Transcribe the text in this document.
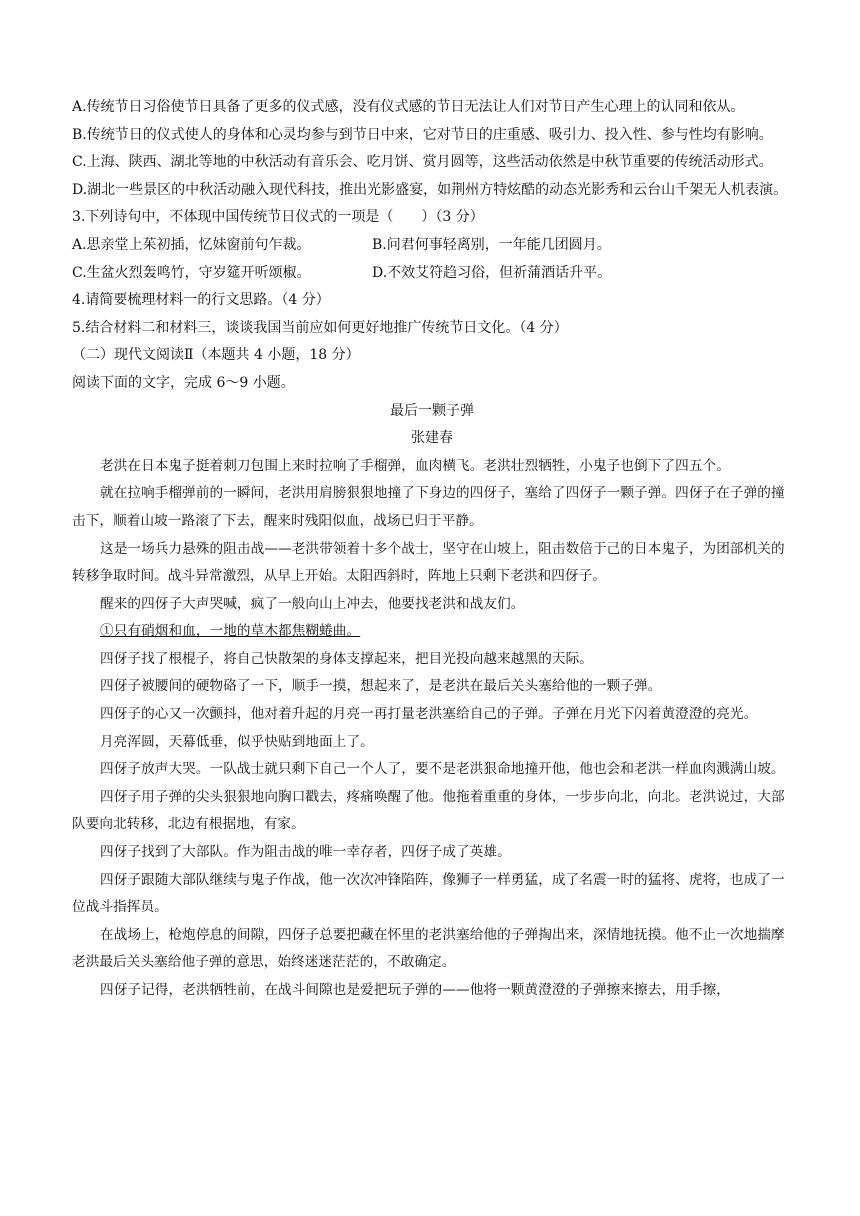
A.传统节日习俗使节日具备了更多的仪式感，没有仪式感的节日无法让人们对节日产生心理上的认同和依从。
B.传统节日的仪式使人的身体和心灵均参与到节日中来，它对节日的庄重感、吸引力、投入性、参与性均有影响。
C.上海、陕西、湖北等地的中秋活动有音乐会、吃月饼、赏月圆等，这些活动依然是中秋节重要的传统活动形式。
D.湖北一些景区的中秋活动融入现代科技，推出光影盛宴，如荆州方特炫酷的动态光影秀和云台山千架无人机表演。
3.下列诗句中，不体现中国传统节日仪式的一项是（　　）（3 分）
A.思亲堂上茱初插，忆妹窗前句乍裁。	B.问君何事轻离别，一年能几团圆月。
C.生盆火烈轰鸣竹，守岁筵开听颂椒。	D.不效艾符趋习俗，但祈蒲酒话升平。
4.请简要梳理材料一的行文思路。（4 分）
5.结合材料二和材料三，谈谈我国当前应如何更好地推广传统节日文化。（4 分）
（二）现代文阅读Ⅱ（本题共 4 小题，18 分）
阅读下面的文字，完成 6～9 小题。
最后一颗子弹
张建春
老洪在日本鬼子挺着刺刀包围上来时拉响了手榴弹，血肉横飞。老洪壮烈牺牲，小鬼子也倒下了四五个。
就在拉响手榴弹前的一瞬间，老洪用肩膀狠狠地撞了下身边的四伢子，塞给了四伢子一颗子弹。四伢子在子弹的撞击下，顺着山坡一路滚了下去，醒来时残阳似血，战场已归于平静。
这是一场兵力悬殊的阻击战——老洪带领着十多个战士，坚守在山坡上，阻击数倍于己的日本鬼子，为团部机关的转移争取时间。战斗异常激烈，从早上开始。太阳西斜时，阵地上只剩下老洪和四伢子。
醒来的四伢子大声哭喊，疯了一般向山上冲去，他要找老洪和战友们。
①只有硝烟和血，一地的草木都焦糊蜷曲。
四伢子找了根棍子，将自己快散架的身体支撑起来，把目光投向越来越黑的天际。
四伢子被腰间的硬物硌了一下，顺手一摸，想起来了，是老洪在最后关头塞给他的一颗子弹。
四伢子的心又一次颤抖，他对着升起的月亮一再打量老洪塞给自己的子弹。子弹在月光下闪着黄澄澄的亮光。
月亮浑圆，天幕低垂，似乎快贴到地面上了。
四伢子放声大哭。一队战士就只剩下自己一个人了，要不是老洪狠命地撞开他，他也会和老洪一样血肉溅满山坡。
四伢子用子弹的尖头狠狠地向胸口戳去，疼痛唤醒了他。他拖着重重的身体，一步步向北，向北。老洪说过，大部队要向北转移，北边有根据地，有家。
四伢子找到了大部队。作为阻击战的唯一幸存者，四伢子成了英雄。
四伢子跟随大部队继续与鬼子作战，他一次次冲锋陷阵，像狮子一样勇猛，成了名震一时的猛将、虎将，也成了一位战斗指挥员。
在战场上，枪炮停息的间隙，四伢子总要把藏在怀里的老洪塞给他的子弹掏出来，深情地抚摸。他不止一次地揣摩老洪最后关头塞给他子弹的意思，始终迷迷茫茫的，不敢确定。
四伢子记得，老洪牺牲前，在战斗间隙也是爱把玩子弹的——他将一颗黄澄澄的子弹擦来擦去，用手擦，
